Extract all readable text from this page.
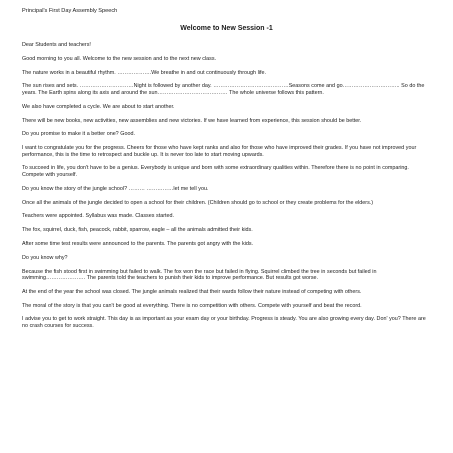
Principal's First Day Assembly Speech
Welcome to New Session -1

Dear Students and teachers!

Good morning to you all. Welcome to the new session and to the next new class.

The nature works in a beautiful rhythm. ……………….We breathe in and out continuously through life.

The sun rises and sets. …………………………Night is followed by another day. ……………………………………Seasons come and go………………………….. So do the years. The Earth spins along its axis and around the sun………………………………… The whole universe follows this pattern.

We also have completed a cycle. We are about to start another.

There will be new books, new activities, new assemblies and new victories. If we have learned from experience, this session should be better.

Do you promise to make it a better one? Good.

I want to congratulate you for the progress. Cheers for those who have kept ranks and also for those who have improved their grades. If you have not improved your performance, this is the time to retrospect and buckle up. It is never too late to start moving upwards.

To succeed in life, you don't have to be a genius. Everybody is unique and born with some extraordinary qualities within. Therefore there is no point in comparing. Compete with yourself.

Do you know the story of the jungle school? ……… ……………let me tell you.

Once all the animals of the jungle decided to open a school for their children. (Children should go to school or they create problems for the elders.)

Teachers were appointed. Syllabus was made. Classes started.

The fox, squirrel, duck, fish, peacock, rabbit, sparrow, eagle – all the animals admitted their kids.

After some time test results were announced to the parents. The parents got angry with the kids.

Do you know why?

Because the fish stood first in swimming but failed to walk. The fox won the race but failed in flying. Squirrel climbed the tree in seconds but failed in swimming…………………. The parents told the teachers to punish their kids to improve performance. But results got worse.

At the end of the year the school was closed. The jungle animals realized that their wards follow their nature instead of competing with others.

The moral of the story is that you can't be good at everything. There is no competition with others. Compete with yourself and beat the record.

I advise you to get to work straight. This day is as important as your exam day or your birthday. Progress is steady. You are also growing every day. Don' you? There are no crash courses for success.
